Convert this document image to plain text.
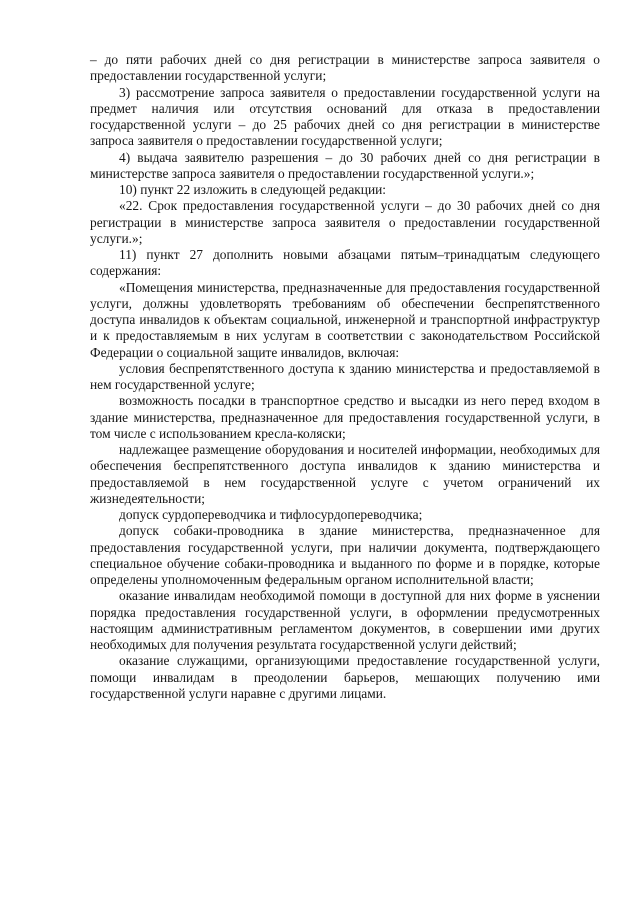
– до пяти рабочих дней со дня регистрации в министерстве запроса заявителя о предоставлении государственной услуги;

3) рассмотрение запроса заявителя о предоставлении государственной услуги на предмет наличия или отсутствия оснований для отказа в предоставлении государственной услуги – до 25 рабочих дней со дня регистрации в министерстве запроса заявителя о предоставлении государственной услуги;

4) выдача заявителю разрешения – до 30 рабочих дней со дня регистрации в министерстве запроса заявителя о предоставлении государственной услуги.»;

10) пункт 22 изложить в следующей редакции:

«22. Срок предоставления государственной услуги – до 30 рабочих дней со дня регистрации в министерстве запроса заявителя о предоставлении государственной услуги.»;

11) пункт 27 дополнить новыми абзацами пятым–тринадцатым следующего содержания:

«Помещения министерства, предназначенные для предоставления государственной услуги, должны удовлетворять требованиям об обеспечении беспрепятственного доступа инвалидов к объектам социальной, инженерной и транспортной инфраструктур и к предоставляемым в них услугам в соответствии с законодательством Российской Федерации о социальной защите инвалидов, включая:

условия беспрепятственного доступа к зданию министерства и предоставляемой в нем государственной услуге;

возможность посадки в транспортное средство и высадки из него перед входом в здание министерства, предназначенное для предоставления государственной услуги, в том числе с использованием кресла-коляски;

надлежащее размещение оборудования и носителей информации, необходимых для обеспечения беспрепятственного доступа инвалидов к зданию министерства и предоставляемой в нем государственной услуге с учетом ограничений их жизнедеятельности;

допуск сурдопереводчика и тифлосурдопереводчика;

допуск собаки-проводника в здание министерства, предназначенное для предоставления государственной услуги, при наличии документа, подтверждающего специальное обучение собаки-проводника и выданного по форме и в порядке, которые определены уполномоченным федеральным органом исполнительной власти;

оказание инвалидам необходимой помощи в доступной для них форме в уяснении порядка предоставления государственной услуги, в оформлении предусмотренных настоящим административным регламентом документов, в совершении ими других необходимых для получения результата государственной услуги действий;

оказание служащими, организующими предоставление государственной услуги, помощи инвалидам в преодолении барьеров, мешающих получению ими государственной услуги наравне с другими лицами.
